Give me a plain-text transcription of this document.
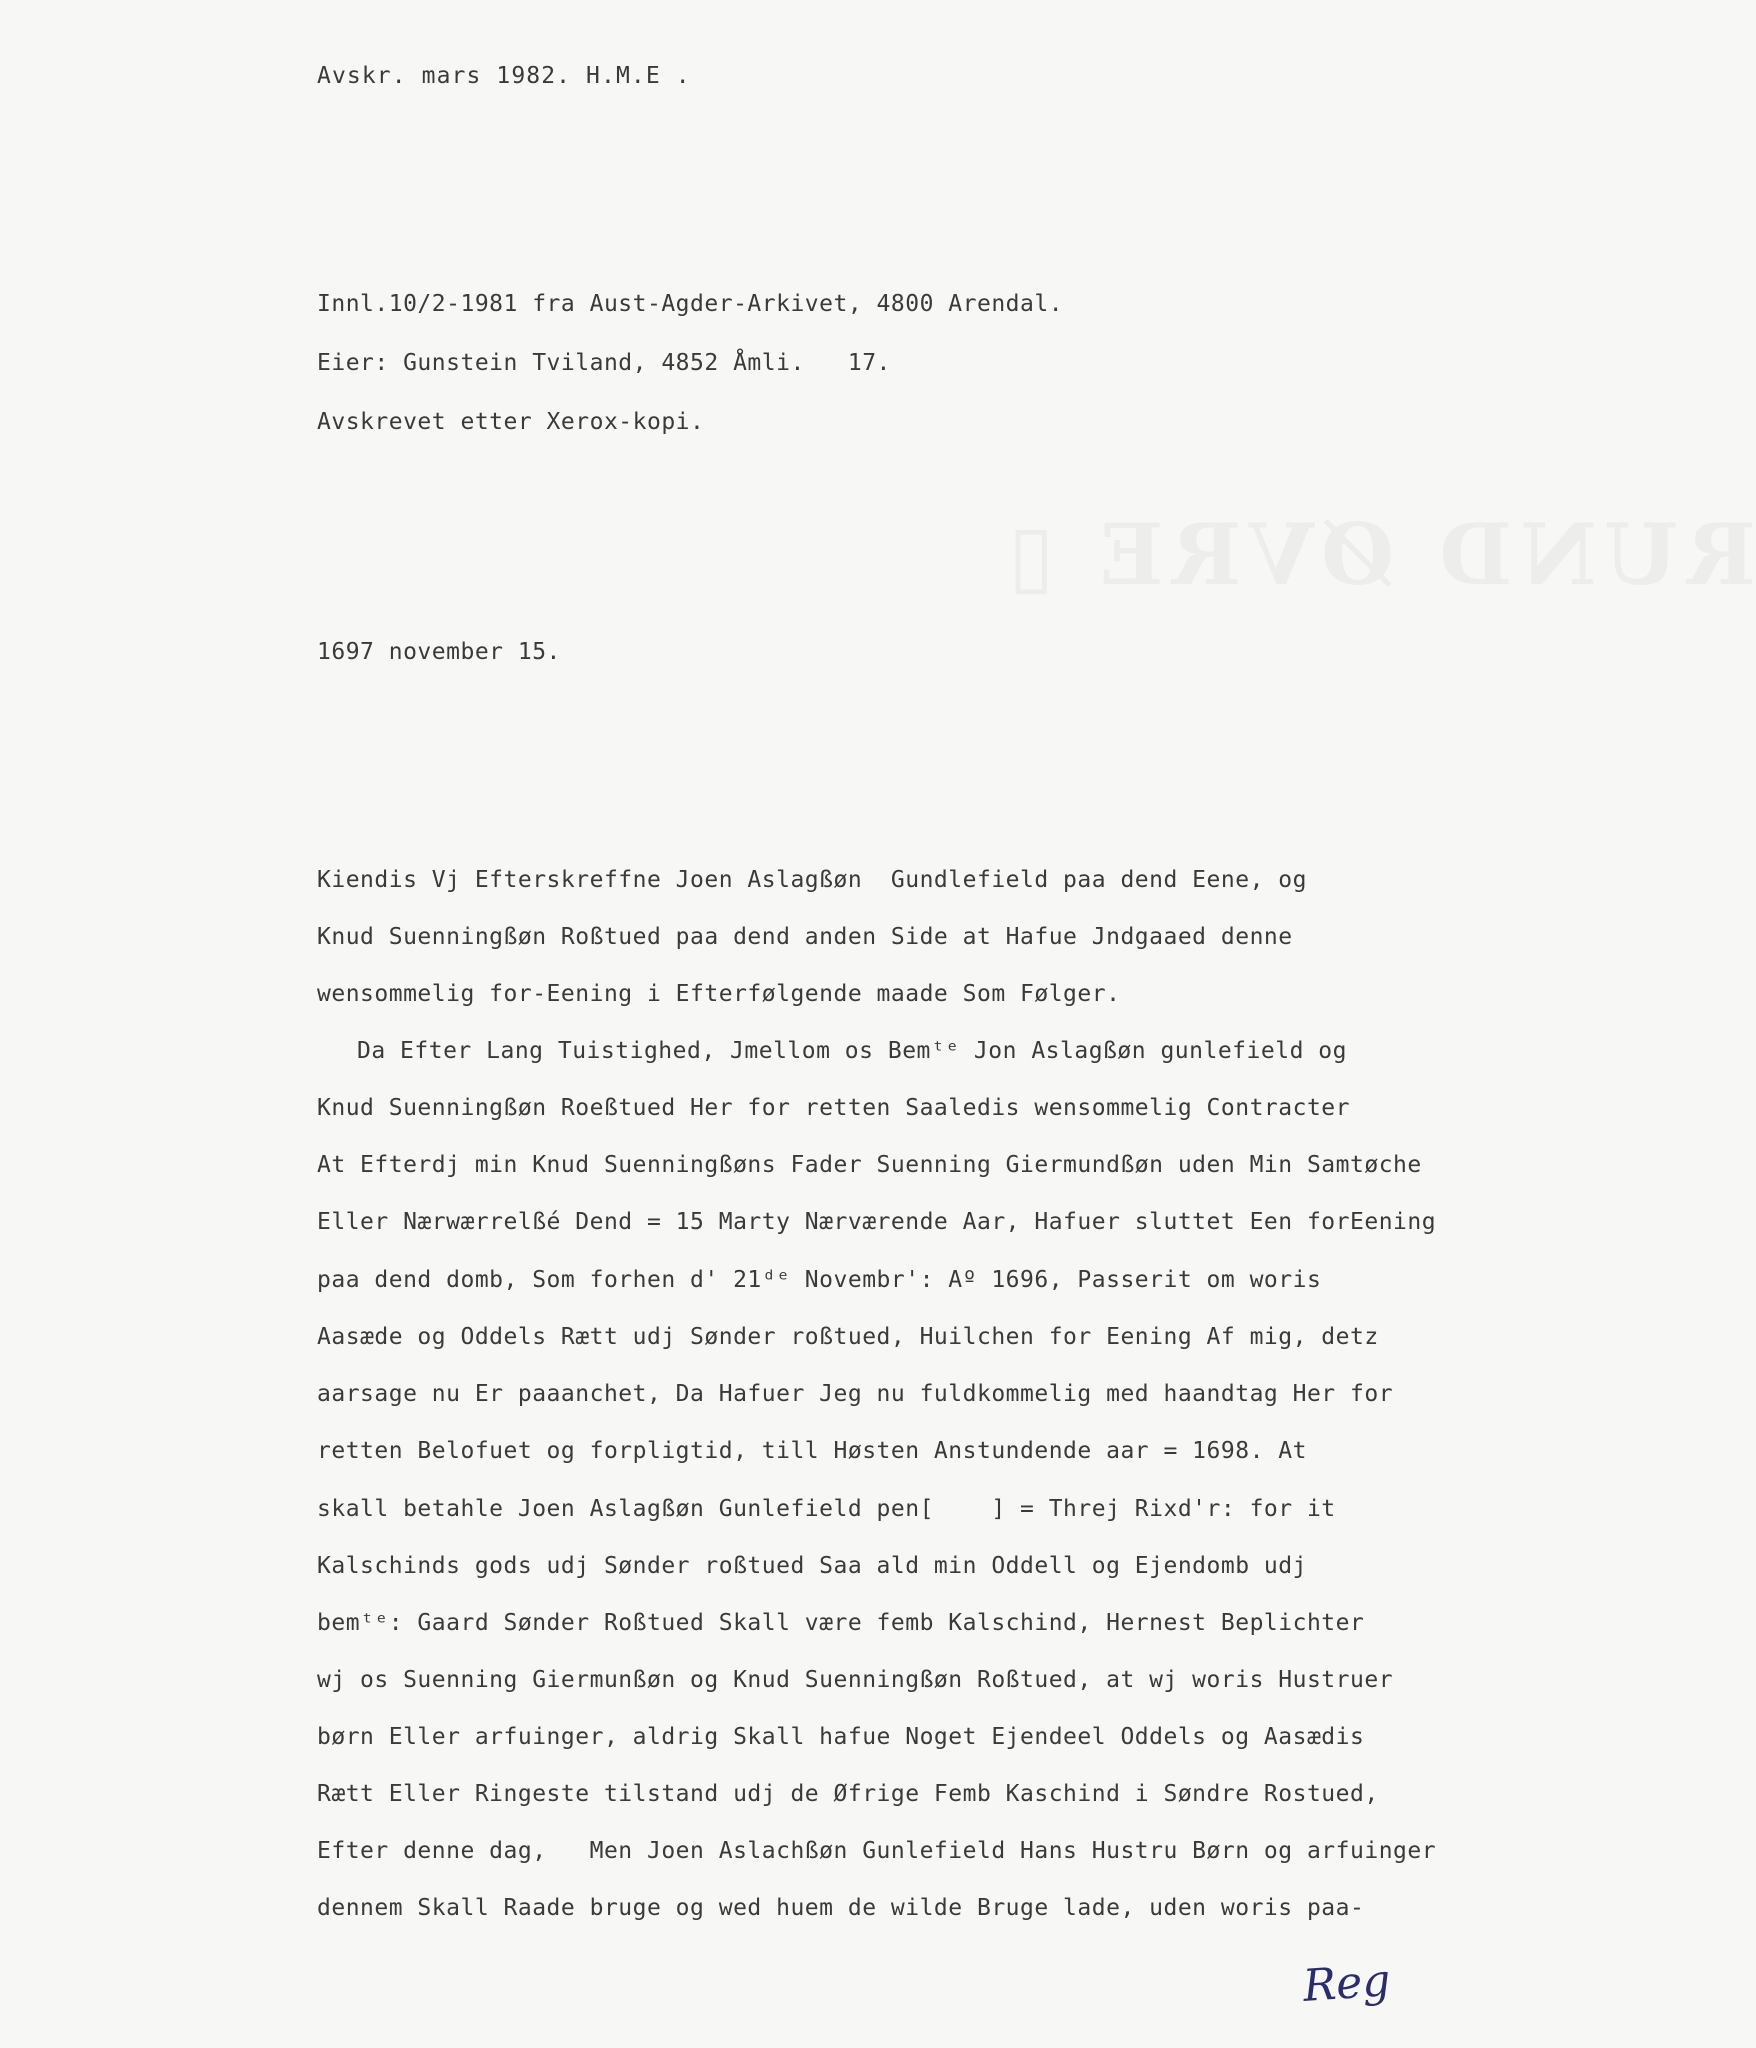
RUND ØVRE ▯
Avskr. mars 1982. H.M.E .
Innl.10/2-1981 fra Aust-Agder-Arkivet, 4800 Arendal.
Eier: Gunstein Tviland, 4852 Åmli.   17.
Avskrevet etter Xerox-kopi.
1697 november 15.
Kiendis Vj Efterskreffne Joen Aslagßøn  Gundlefield paa dend Eene, og
Knud Suenningßøn Roßtued paa dend anden Side at Hafue Jndgaaed denne
wensommelig for-Eening i Efterfølgende maade Som Følger.
Da Efter Lang Tuistighed, Jmellom os Bemᵗᵉ Jon Aslagßøn gunlefield og
Knud Suenningßøn Roeßtued Her for retten Saaledis wensommelig Contracter
At Efterdj min Knud Suenningßøns Fader Suenning Giermundßøn uden Min Samtøche
Eller Nærwærrelßé Dend = 15 Marty Nærværende Aar, Hafuer sluttet Een forEening
paa dend domb, Som forhen d' 21ᵈᵉ Novembr': Aº 1696, Passerit om woris
Aasæde og Oddels Rætt udj Sønder roßtued, Huilchen for Eening Af mig, detz
aarsage nu Er paaanchet, Da Hafuer Jeg nu fuldkommelig med haandtag Her for
retten Belofuet og forpligtid, till Høsten Anstundende aar = 1698. At
skall betahle Joen Aslagßøn Gunlefield pen[    ] = Threj Rixd'r: for it
Kalschinds gods udj Sønder roßtued Saa ald min Oddell og Ejendomb udj
bemᵗᵉ: Gaard Sønder Roßtued Skall være femb Kalschind, Hernest Beplichter
wj os Suenning Giermunßøn og Knud Suenningßøn Roßtued, at wj woris Hustruer
børn Eller arfuinger, aldrig Skall hafue Noget Ejendeel Oddels og Aasædis
Rætt Eller Ringeste tilstand udj de Øfrige Femb Kaschind i Søndre Rostued,
Efter denne dag,   Men Joen Aslachßøn Gunlefield Hans Hustru Børn og arfuinger
dennem Skall Raade bruge og wed huem de wilde Bruge lade, uden woris paa-
Reg
